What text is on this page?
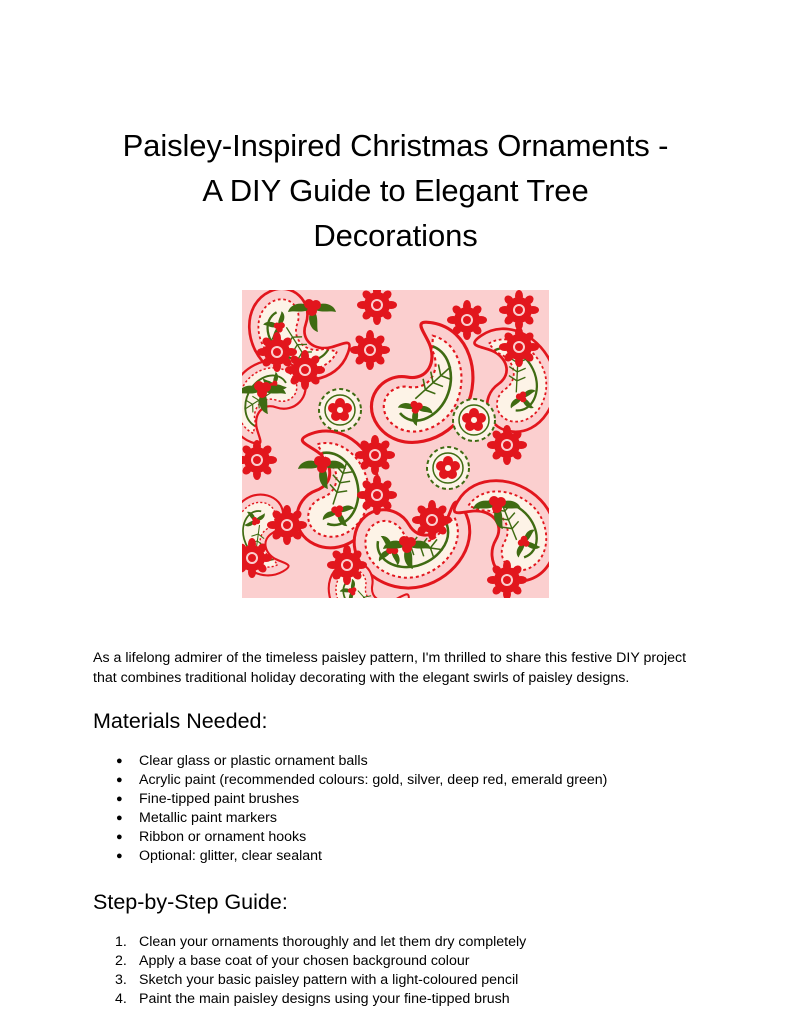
Paisley-Inspired Christmas Ornaments -
A DIY Guide to Elegant Tree
Decorations

As a lifelong admirer of the timeless paisley pattern, I'm thrilled to share this festive DIY project
that combines traditional holiday decorating with the elegant swirls of paisley designs.

Materials Needed:
●	Clear glass or plastic ornament balls
●	Acrylic paint (recommended colours: gold, silver, deep red, emerald green)
●	Fine-tipped paint brushes
●	Metallic paint markers
●	Ribbon or ornament hooks
●	Optional: glitter, clear sealant
Step-by-Step Guide:
1. Clean your ornaments thoroughly and let them dry completely
2. Apply a base coat of your chosen background colour
3. Sketch your basic paisley pattern with a light-coloured pencil
4. Paint the main paisley designs using your fine-tipped brush
